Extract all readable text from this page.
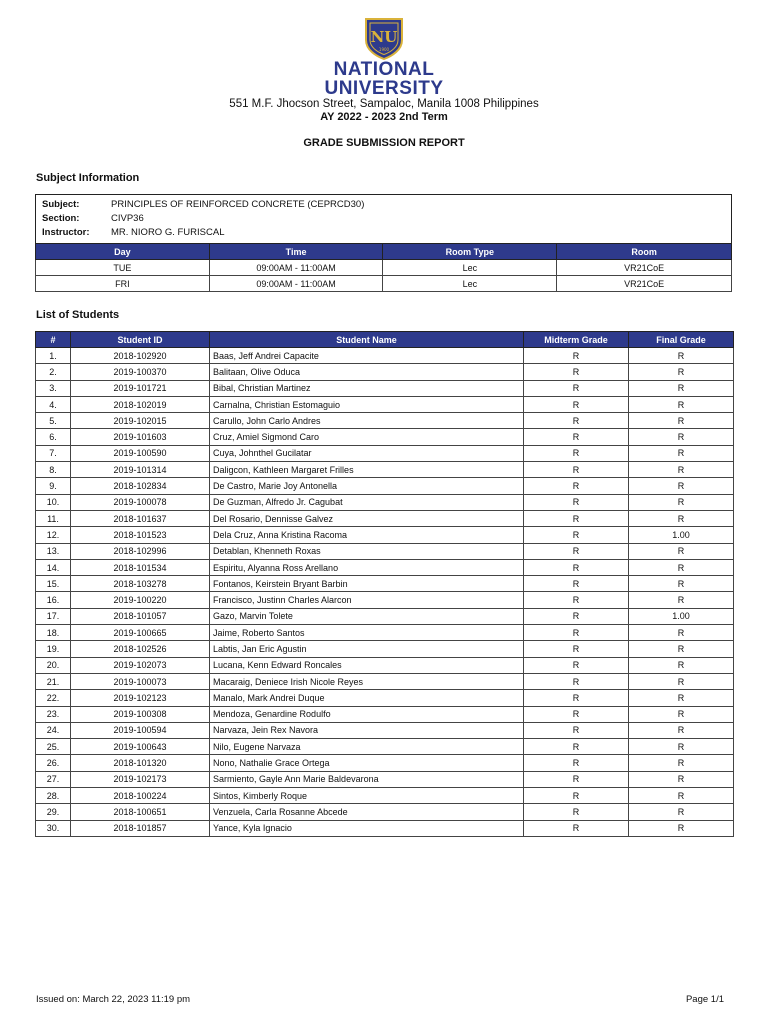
NU
1900
NATIONAL
UNIVERSITY
551 M.F. Jhocson Street, Sampaloc, Manila 1008 Philippines
AY 2022 - 2023 2nd Term
GRADE SUBMISSION REPORT
Subject Information
Subject:	PRINCIPLES OF REINFORCED CONCRETE (CEPRCD30)
Section:	CIVP36
Instructor: MR. NIORO G. FURISCAL
Day	Time	Room Type	Room
TUE	09:00AM - 11:00AM	Lec	VR21CoE
FRI	09:00AM - 11:00AM	Lec	VR21CoE
List of Students
#	Student ID	Student Name	Midterm Grade	Final Grade
1.	2018-102920	Baas, Jeff Andrei Capacite	R	R
2.	2019-100370	Balitaan, Olive Oduca	R	R
3.	2019-101721	Bibal, Christian Martinez	R	R
4.	2018-102019	Carnalna, Christian Estomaguio	R	R
5.	2019-102015	Carullo, John Carlo Andres	R	R
6.	2019-101603	Cruz, Amiel Sigmond Caro	R	R
7.	2019-100590	Cuya, Johnthel Gucilatar	R	R
8.	2019-101314	Daligcon, Kathleen Margaret Frilles	R	R
9.	2018-102834	De Castro, Marie Joy Antonella	R	R
10.	2019-100078	De Guzman, Alfredo Jr. Cagubat	R	R
11.	2018-101637	Del Rosario, Dennisse Galvez	R	R
12.	2018-101523	Dela Cruz, Anna Kristina Racoma	R	1.00
13.	2018-102996	Detablan, Khenneth Roxas	R	R
14.	2018-101534	Espiritu, Alyanna Ross Arellano	R	R
15.	2018-103278	Fontanos, Keirstein Bryant Barbin	R	R
16.	2019-100220	Francisco, Justinn Charles Alarcon	R	R
17.	2018-101057	Gazo, Marvin Tolete	R	1.00
18.	2019-100665	Jaime, Roberto Santos	R	R
19.	2018-102526	Labtis, Jan Eric Agustin	R	R
20.	2019-102073	Lucana, Kenn Edward Roncales	R	R
21.	2019-100073	Macaraig, Deniece Irish Nicole Reyes	R	R
22.	2019-102123	Manalo, Mark Andrei Duque	R	R
23.	2019-100308	Mendoza, Genardine Rodulfo	R	R
24.	2019-100594	Narvaza, Jein Rex Navora	R	R
25.	2019-100643	Nilo, Eugene Narvaza	R	R
26.	2018-101320	Nono, Nathalie Grace Ortega	R	R
27.	2019-102173	Sarmiento, Gayle Ann Marie Baldevarona	R	R
28.	2018-100224	Sintos, Kimberly Roque	R	R
29.	2018-100651	Venzuela, Carla Rosanne Abcede	R	R
30.	2018-101857	Yance, Kyla Ignacio	R	R
Issued on: March 22, 2023 11:19 pm	Page 1/1
